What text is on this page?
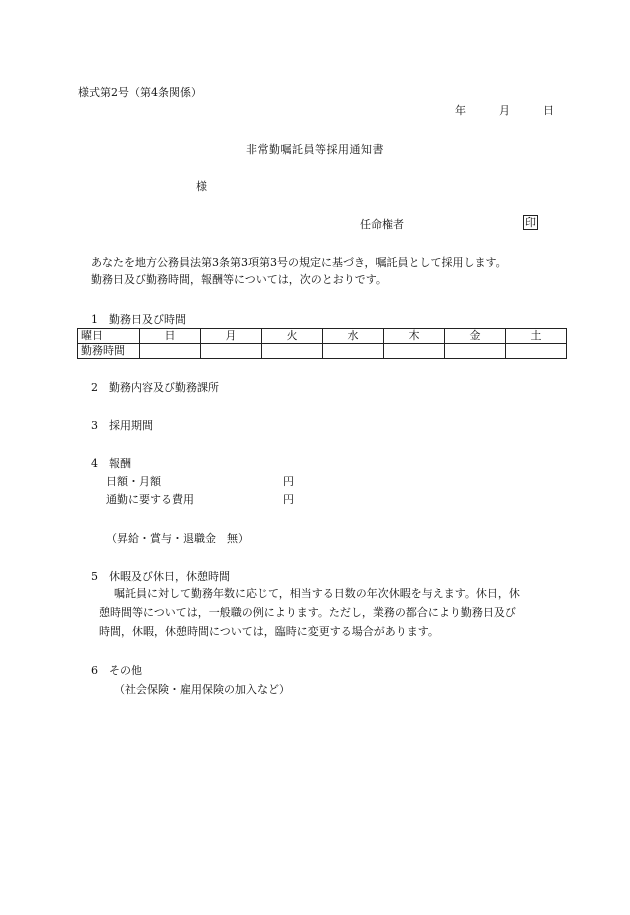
様式第2号（第4条関係）
年	月	日
非常勤嘱託員等採用通知書
様
任命権者	印
あなたを地方公務員法第3条第3項第3号の規定に基づき，嘱託員として採用します。
勤務日及び勤務時間，報酬等については，次のとおりです。
1　勤務日及び時間
曜日	日	月	火	水	木	金	土
勤務時間							
2　勤務内容及び勤務課所
3　採用期間
4　報酬
日額・月額	円
通勤に要する費用	円
（昇給・賞与・退職金　無）
5　休暇及び休日，休憩時間
嘱託員に対して勤務年数に応じて，相当する日数の年次休暇を与えます。休日，休
憩時間等については，一般職の例によります。ただし，業務の都合により勤務日及び
時間，休暇，休憩時間については，臨時に変更する場合があります。
6　その他
（社会保険・雇用保険の加入など）
